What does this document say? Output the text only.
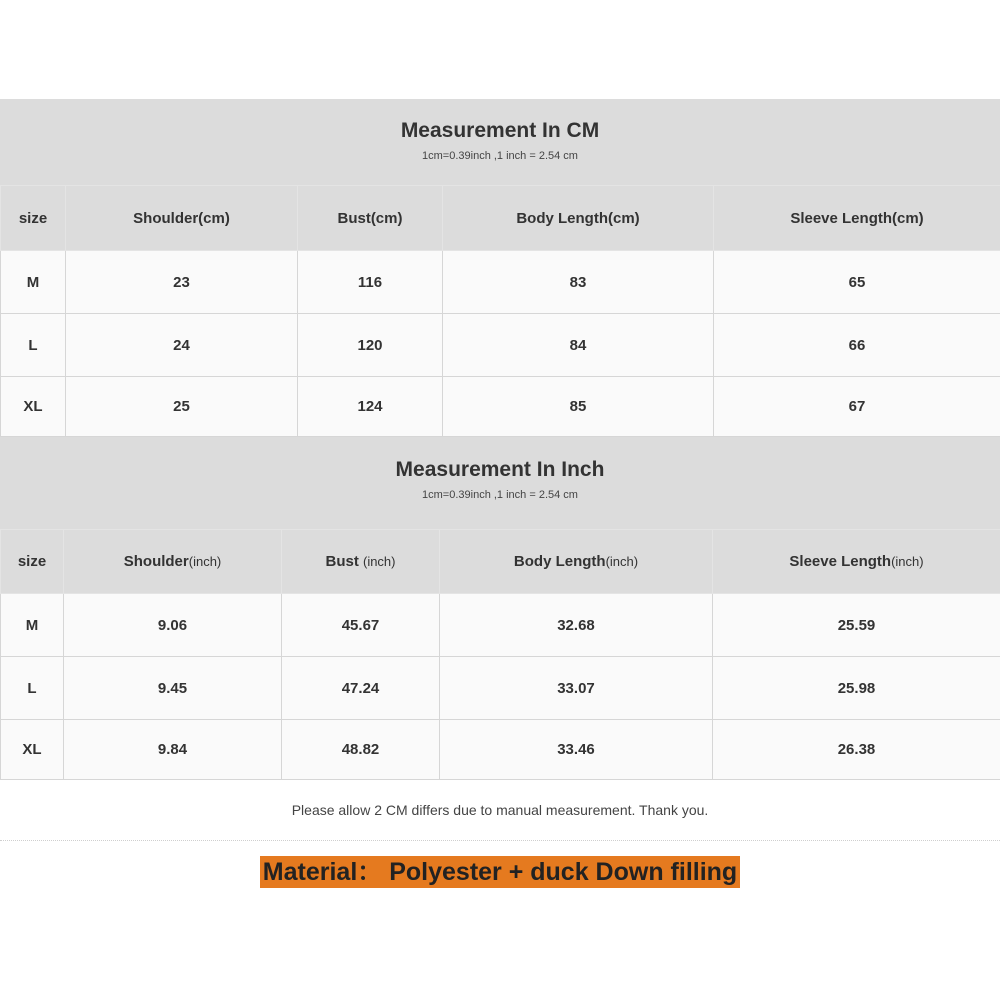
Measurement In CM
1cm=0.39inch ,1 inch = 2.54 cm
size	Shoulder(cm)	Bust(cm)	Body Length(cm)	Sleeve Length(cm)
M	23	116	83	65
L	24	120	84	66
XL	25	124	85	67
Measurement In Inch
1cm=0.39inch ,1 inch = 2.54 cm
size	Shoulder(inch)	Bust (inch)	Body Length(inch)	Sleeve Length(inch)
M	9.06	45.67	32.68	25.59
L	9.45	47.24	33.07	25.98
XL	9.84	48.82	33.46	26.38
Please allow 2 CM differs due to manual measurement. Thank you.
Material： Polyester + duck Down filling
